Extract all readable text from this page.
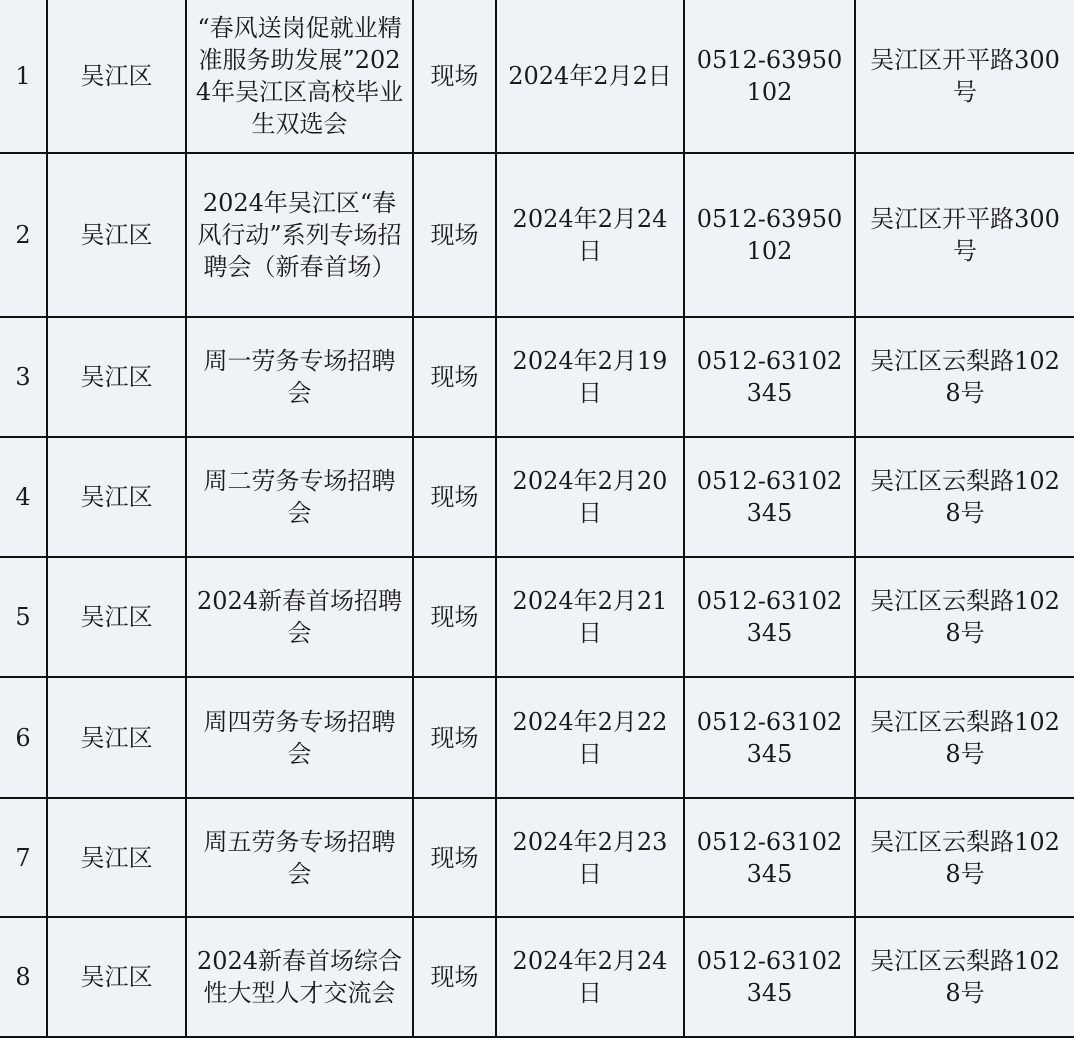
1	吴江区	“春风送岗促就业精准服务助发展”2024年吴江区高校毕业生双选会	现场	2024年2月2日	0512-63950102	吴江区开平路300号
2	吴江区	2024年吴江区“春风行动”系列专场招聘会（新春首场）	现场	2024年2月24日	0512-63950102	吴江区开平路300号
3	吴江区	周一劳务专场招聘会	现场	2024年2月19日	0512-63102345	吴江区云梨路1028号
4	吴江区	周二劳务专场招聘会	现场	2024年2月20日	0512-63102345	吴江区云梨路1028号
5	吴江区	2024新春首场招聘会	现场	2024年2月21日	0512-63102345	吴江区云梨路1028号
6	吴江区	周四劳务专场招聘会	现场	2024年2月22日	0512-63102345	吴江区云梨路1028号
7	吴江区	周五劳务专场招聘会	现场	2024年2月23日	0512-63102345	吴江区云梨路1028号
8	吴江区	2024新春首场综合性大型人才交流会	现场	2024年2月24日	0512-63102345	吴江区云梨路1028号
